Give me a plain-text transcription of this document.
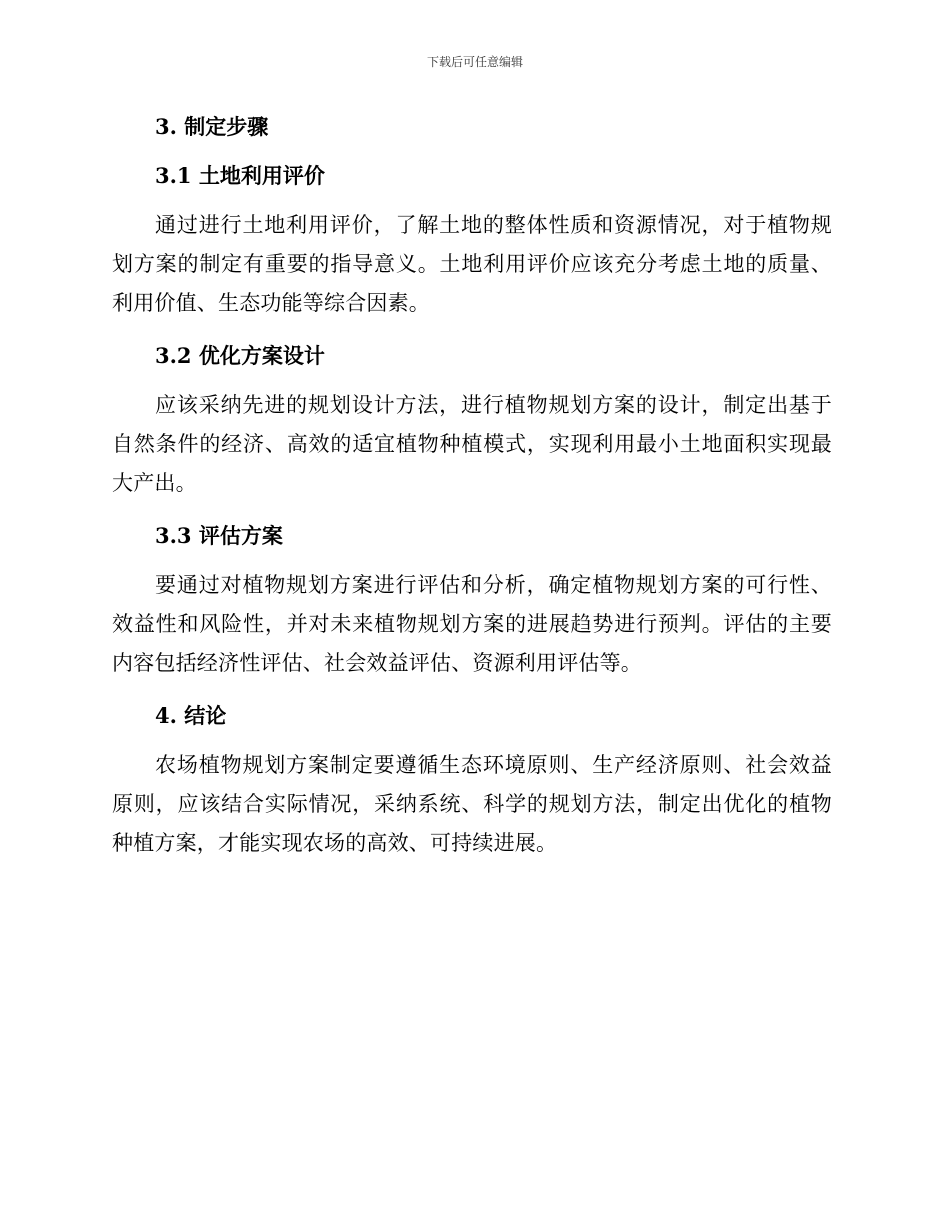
下载后可任意编辑
3. 制定步骤
3.1 土地利用评价

通过进行土地利用评价，了解土地的整体性质和资源情况，对于植物规划方案的制定有重要的指导意义。土地利用评价应该充分考虑土地的质量、利用价值、生态功能等综合因素。

3.2 优化方案设计

应该采纳先进的规划设计方法，进行植物规划方案的设计，制定出基于自然条件的经济、高效的适宜植物种植模式，实现利用最小土地面积实现最大产出。

3.3 评估方案

要通过对植物规划方案进行评估和分析，确定植物规划方案的可行性、效益性和风险性，并对未来植物规划方案的进展趋势进行预判。评估的主要内容包括经济性评估、社会效益评估、资源利用评估等。

4. 结论

农场植物规划方案制定要遵循生态环境原则、生产经济原则、社会效益原则，应该结合实际情况，采纳系统、科学的规划方法，制定出优化的植物种植方案，才能实现农场的高效、可持续进展。
